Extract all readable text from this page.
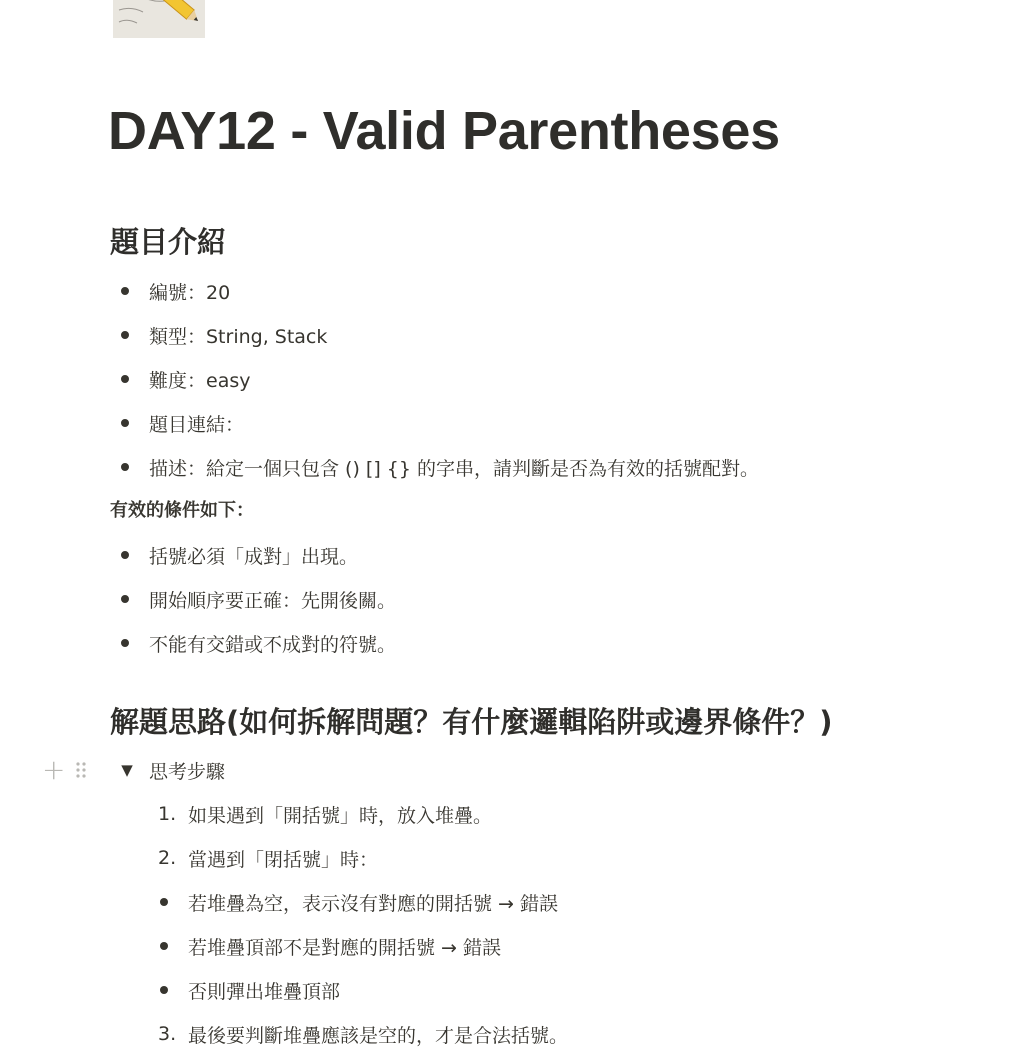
DAY12 - Valid Parentheses
題目介紹
編號：20
類型：String, Stack
難度：easy
題目連結：
描述：給定一個只包含 () [] {} 的字串，請判斷是否為有效的括號配對。
有效的條件如下：
括號必須「成對」出現。
開始順序要正確：先開後關。
不能有交錯或不成對的符號。
解題思路(如何拆解問題？有什麼邏輯陷阱或邊界條件？)
+	▼ 思考步驟
1. 如果遇到「開括號」時，放入堆疊。
2. 當遇到「閉括號」時：
若堆疊為空，表示沒有對應的開括號 → 錯誤
若堆疊頂部不是對應的開括號 → 錯誤
否則彈出堆疊頂部
3. 最後要判斷堆疊應該是空的，才是合法括號。
